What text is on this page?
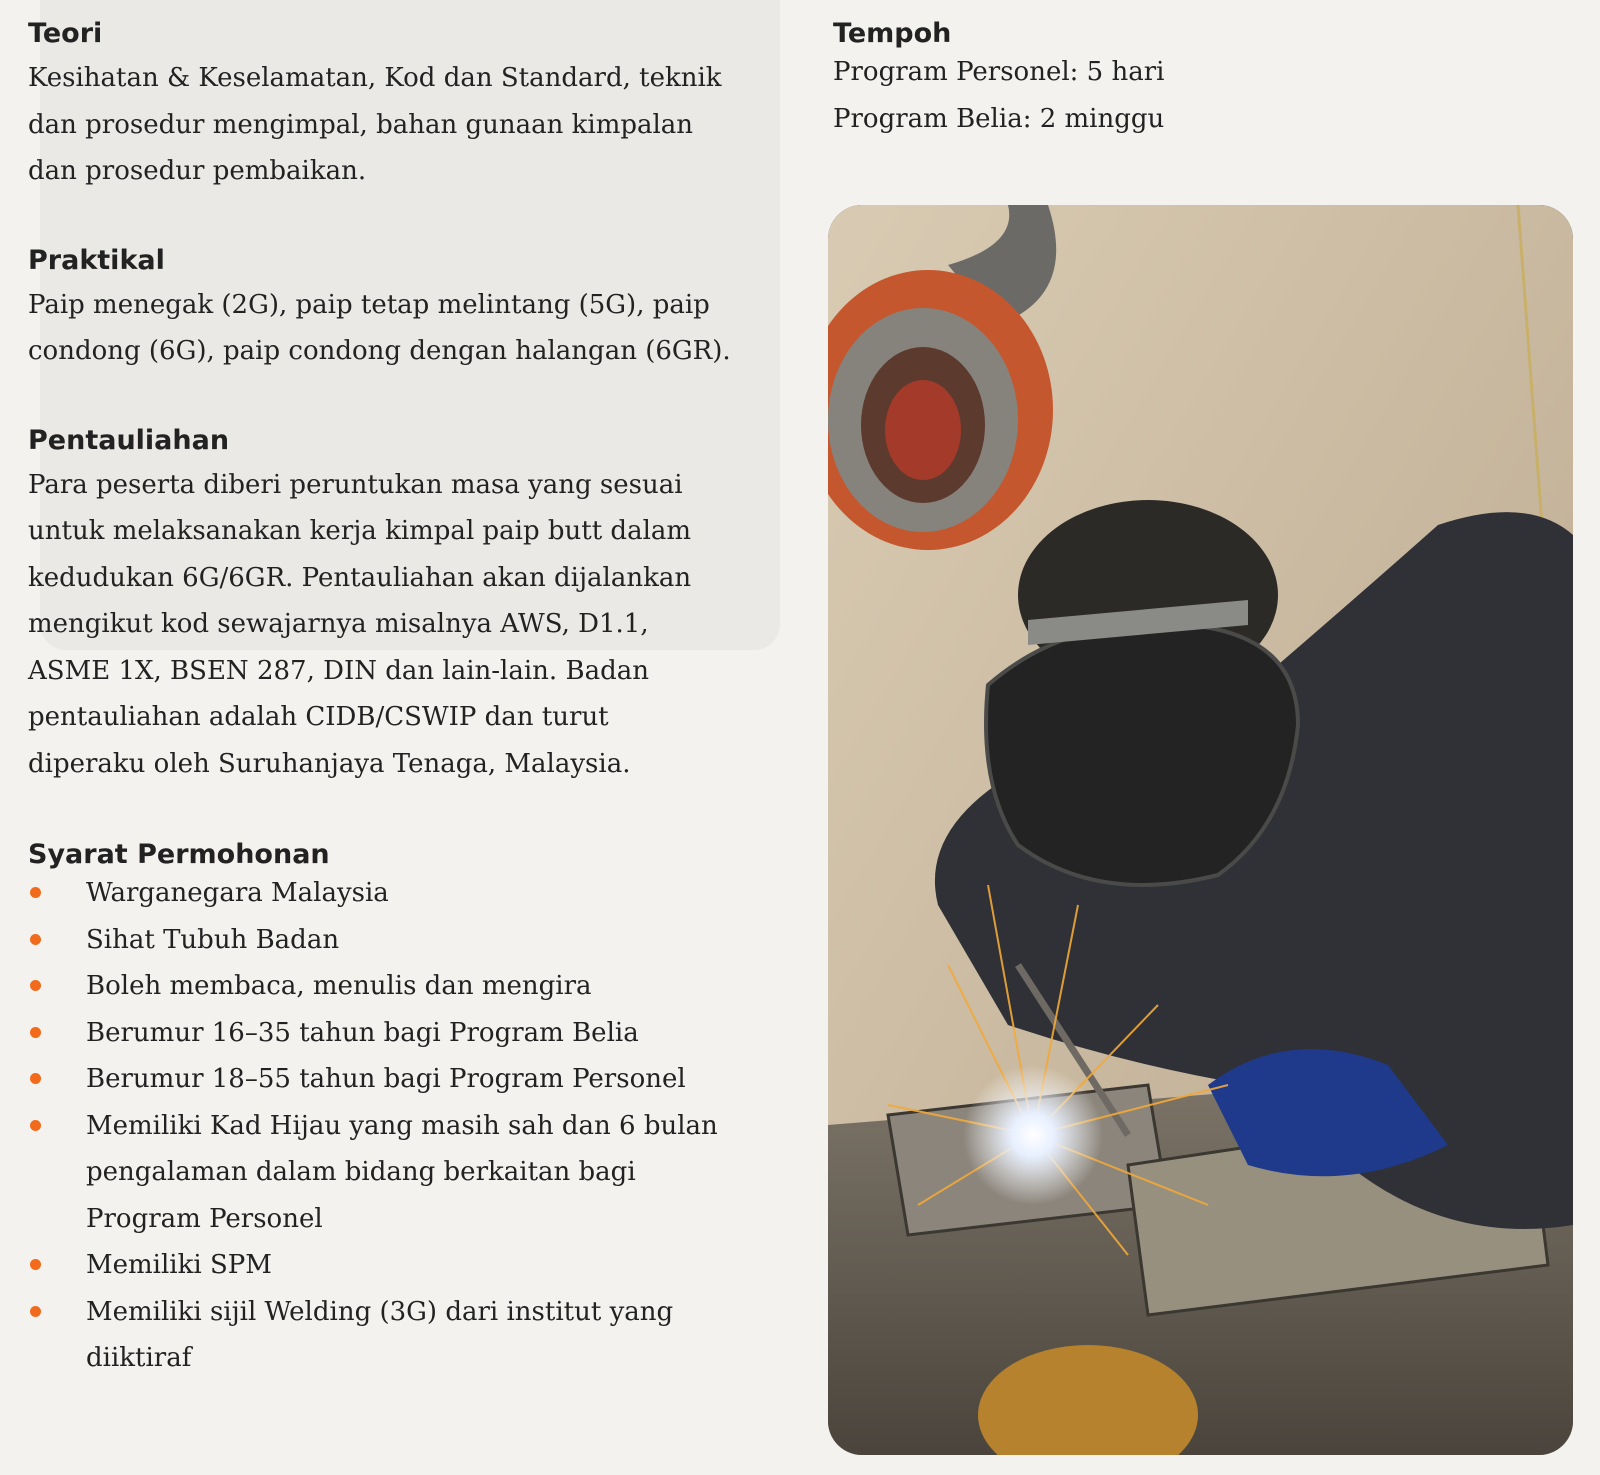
Teori

Kesihatan & Keselamatan, Kod dan Standard, teknik dan prosedur mengimpal, bahan gunaan kimpalan dan prosedur pembaikan.

Praktikal

Paip menegak (2G), paip tetap melintang (5G), paip condong (6G), paip condong dengan halangan (6GR).

Pentauliahan

Para peserta diberi peruntukan masa yang sesuai untuk melaksanakan kerja kimpal paip butt dalam kedudukan 6G/6GR. Pentauliahan akan dijalankan mengikut kod sewajarnya misalnya AWS, D1.1, ASME 1X, BSEN 287, DIN dan lain-lain. Badan pentauliahan adalah CIDB/CSWIP dan turut diperaku oleh Suruhanjaya Tenaga, Malaysia.

Syarat Permohonan
Warganegara Malaysia
Sihat Tubuh Badan
Boleh membaca, menulis dan mengira
Berumur 16–35 tahun bagi Program Belia
Berumur 18–55 tahun bagi Program Personel
Memiliki Kad Hijau yang masih sah dan 6 bulan pengalaman dalam bidang berkaitan bagi Program Personel
Memiliki SPM
Memiliki sijil Welding (3G) dari institut yang diiktiraf
Tempoh

Program Personel: 5 hari

Program Belia: 2 minggu
